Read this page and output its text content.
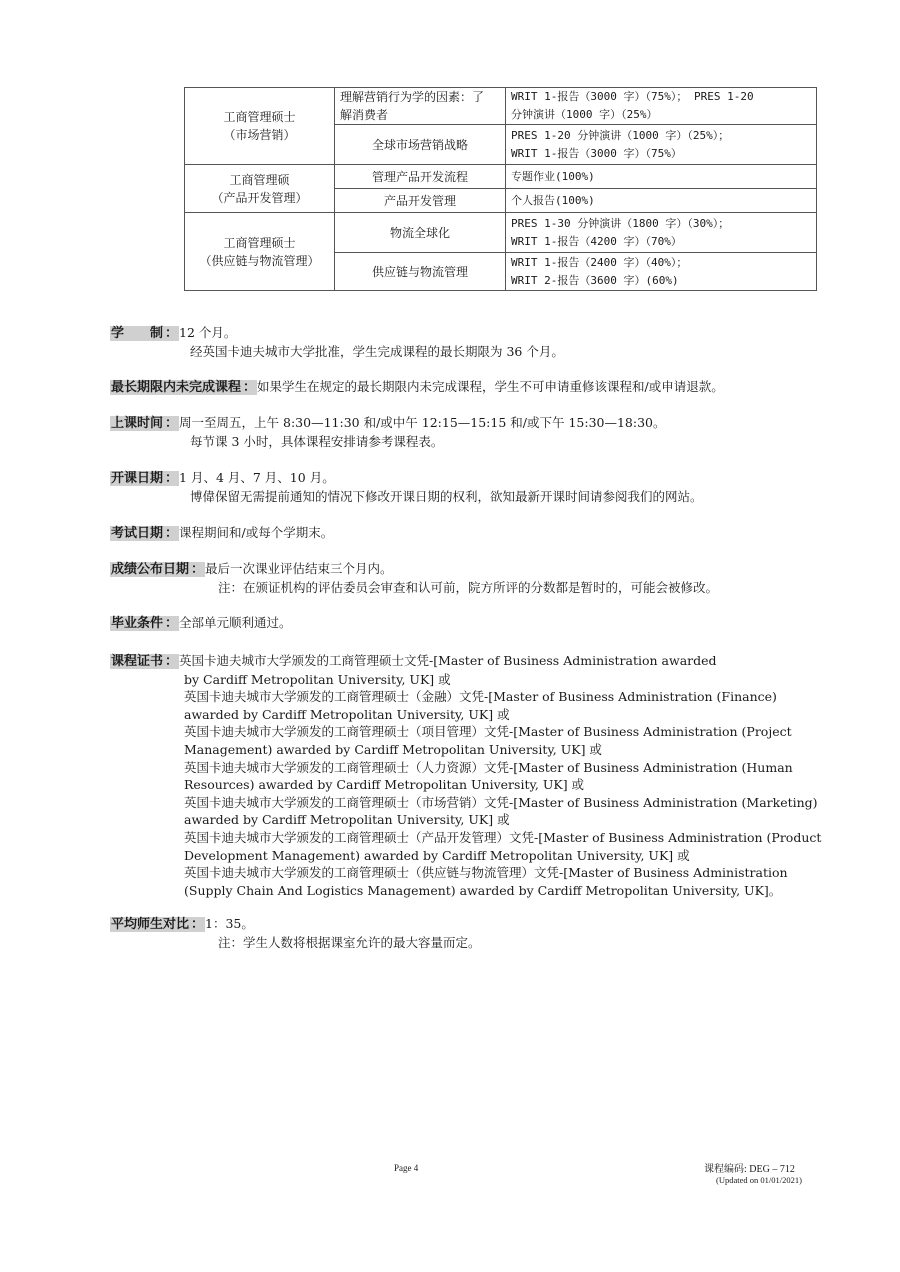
工商管理硕士
（市场营销）	理解营销行为学的因素：了
解消费者	WRIT 1-报告（3000 字）（75%）； PRES 1-20
分钟演讲（1000 字）（25%）

	全球市场营销战略	PRES 1-20 分钟演讲（1000 字）（25%）；
WRIT 1-报告（3000 字）（75%）

工商管理硕
（产品开发管理）	管理产品开发流程	专题作业(100%)

	产品开发管理	个人报告(100%)

工商管理硕士
（供应链与物流管理）	物流全球化	PRES 1-30 分钟演讲（1800 字）（30%）；
WRIT 1-报告（4200 字）（70%）

	供应链与物流管理	WRIT 1-报告（2400 字）（40%）；
WRIT 2-报告（3600 字）(60%)
学　　制 ：12 个月。
经英国卡迪夫城市大学批准，学生完成课程的最长期限为 36 个月。
最长期限内未完成课程 ：如果学生在规定的最长期限内未完成课程，学生不可申请重修该课程和/或申请退款。
上课时间 ：周一至周五，上午 8:30—11:30 和/或中午 12:15—15:15 和/或下午 15:30—18:30。
每节课 3 小时，具体课程安排请参考课程表。
开课日期 ：1 月、4 月、7 月、10 月。
博偉保留无需提前通知的情况下修改开课日期的权利，欲知最新开课时间请参阅我们的网站。
考试日期 ：课程期间和/或每个学期末。
成绩公布日期 ：最后一次课业评估结束三个月内。
注：在颁证机构的评估委员会审查和认可前，院方所评的分数都是暂时的，可能会被修改。
毕业条件 ：全部单元顺利通过。
课程证书 ：英国卡迪夫城市大学颁发的工商管理硕士文凭-[Master of Business Administration awarded
by Cardiff Metropolitan University, UK] 或
英国卡迪夫城市大学颁发的工商管理硕士（金融）文凭-[Master of Business Administration (Finance)
awarded by Cardiff Metropolitan University, UK] 或
英国卡迪夫城市大学颁发的工商管理硕士（项目管理）文凭-[Master of Business Administration (Project
Management) awarded by Cardiff Metropolitan University, UK] 或
英国卡迪夫城市大学颁发的工商管理硕士（人力资源）文凭-[Master of Business Administration (Human
Resources) awarded by Cardiff Metropolitan University, UK] 或
英国卡迪夫城市大学颁发的工商管理硕士（市场营销）文凭-[Master of Business Administration (Marketing)
awarded by Cardiff Metropolitan University, UK] 或
英国卡迪夫城市大学颁发的工商管理硕士（产品开发管理）文凭-[Master of Business Administration (Product
Development Management) awarded by Cardiff Metropolitan University, UK] 或
英国卡迪夫城市大学颁发的工商管理硕士（供应链与物流管理）文凭-[Master of Business Administration
(Supply Chain And Logistics Management) awarded by Cardiff Metropolitan University, UK]。
平均师生对比 ：1：35。
注：学生人数将根据课室允许的最大容量而定。
Page 4	课程编码: DEG – 712
(Updated on 01/01/2021)
